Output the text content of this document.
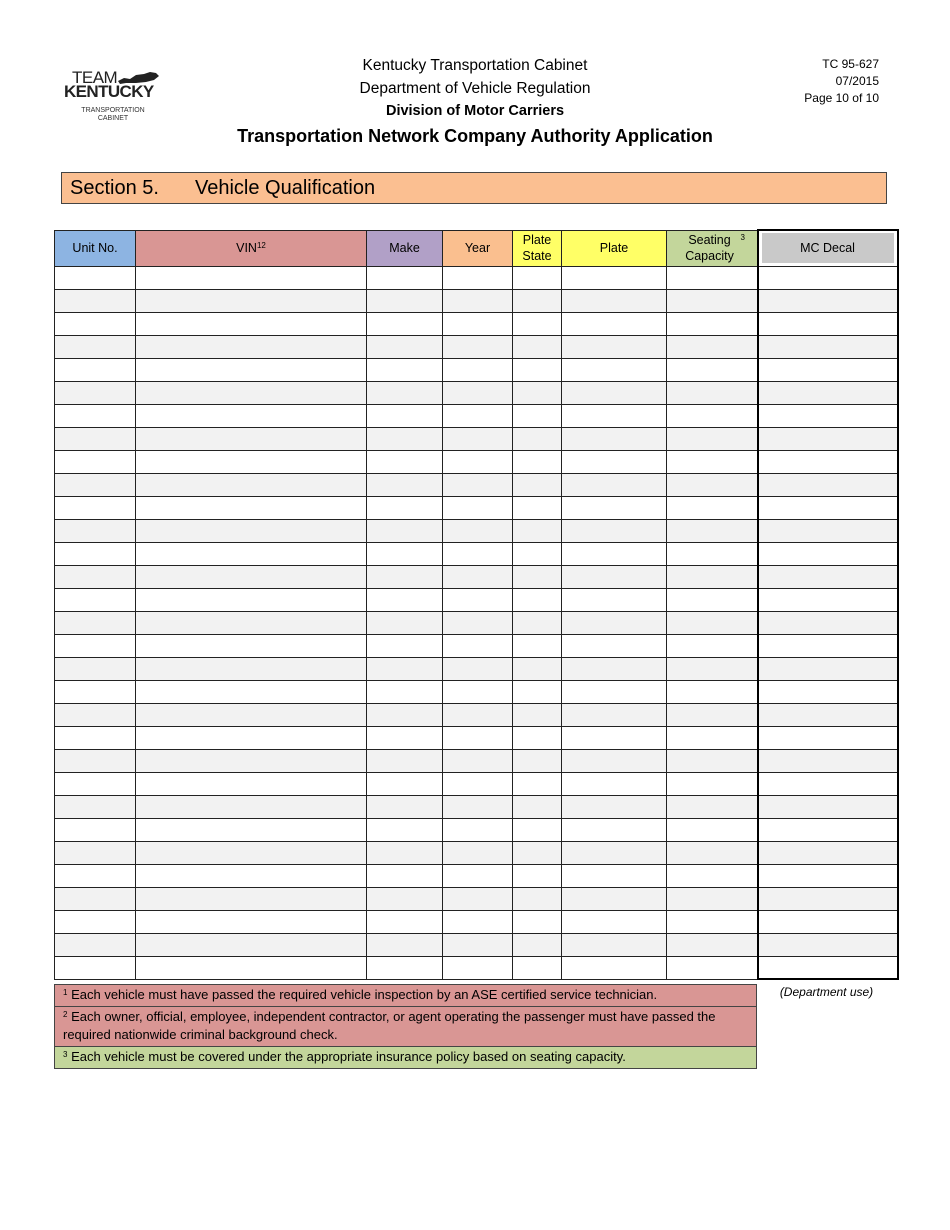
TEAM
KENTUCKY
TRANSPORTATION CABINET
Kentucky Transportation Cabinet
Department of Vehicle Regulation
Division of Motor Carriers
Transportation Network Company Authority Application
TC 95-627
07/2015
Page 10 of 10
Section 5. Vehicle Qualification
Unit No.	VIN$^{12}$	Make	Year	Plate State	Plate	Seating Capacity$^3$	MC Decal

$^1$ Each vehicle must have passed the required vehicle inspection by an ASE certified service technician.
$^2$ Each owner, official, employee, independent contractor, or agent operating the passenger must have passed the required nationwide criminal background check.
$^3$ Each vehicle must be covered under the appropriate insurance policy based on seating capacity.
(Department use)
